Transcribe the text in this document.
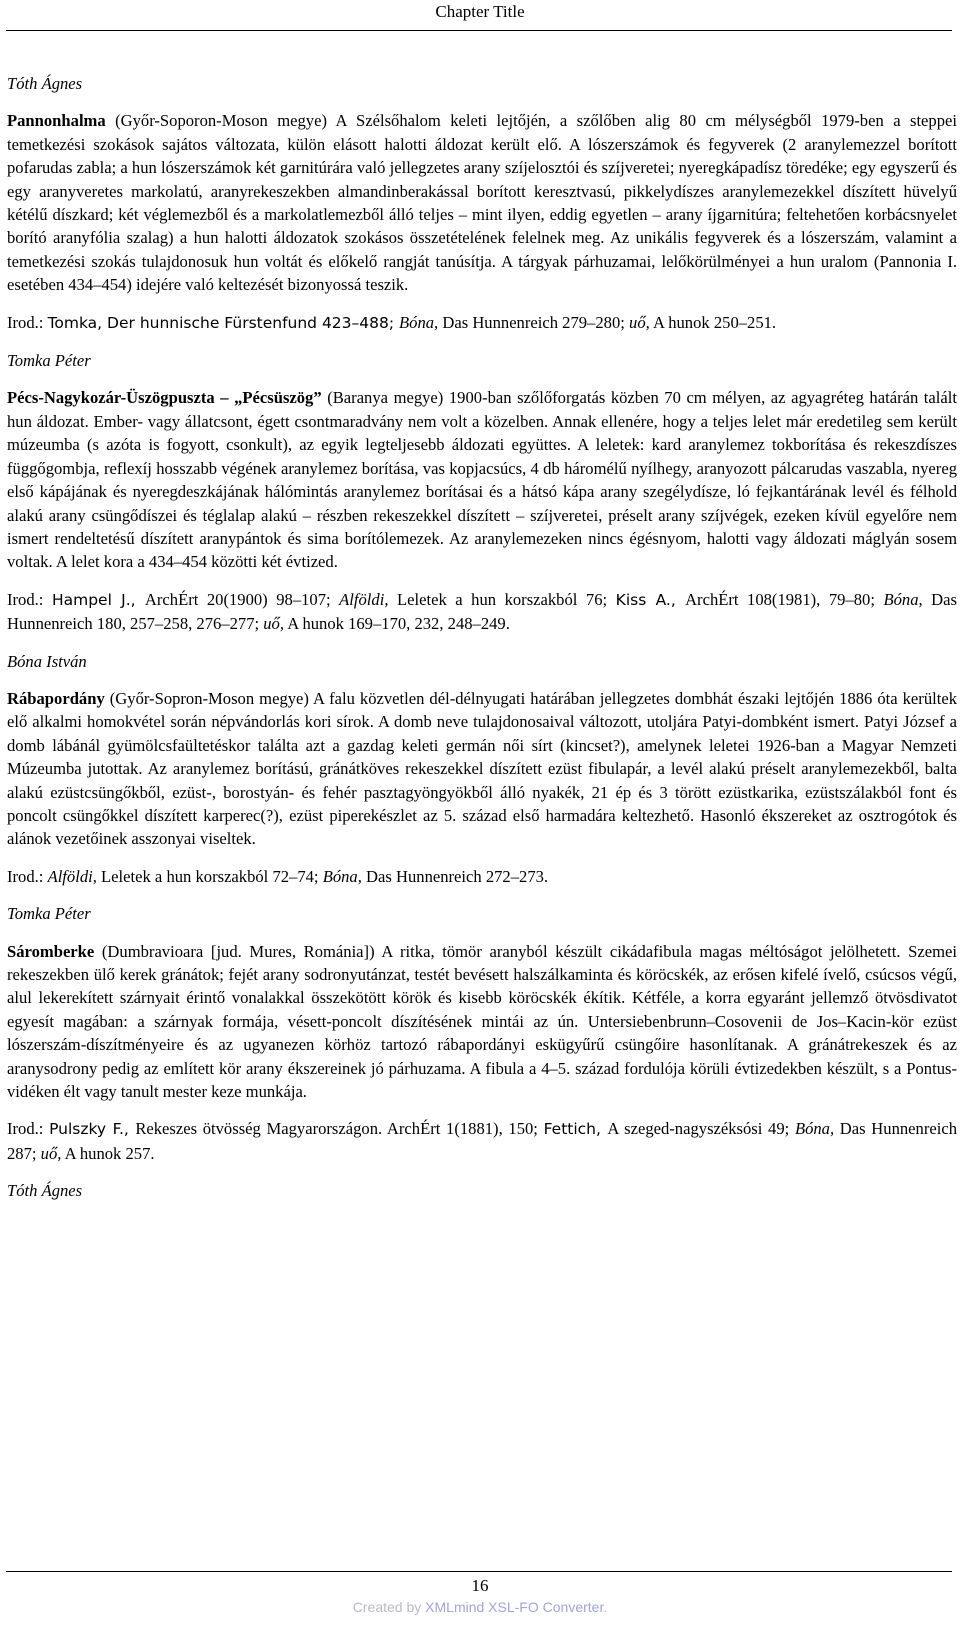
Chapter Title

Tóth Ágnes

Pannonhalma (Győr-Soporon-Moson megye) A Szélsőhalom keleti lejtőjén, a szőlőben alig 80 cm mélységből 1979-ben a steppei temetkezési szokások sajátos változata, külön elásott halotti áldozat került elő. A lószerszámok és fegyverek (2 aranylemezzel borított pofarudas zabla; a hun lószerszámok két garnitúrára való jellegzetes arany szíjelosztói és szíjveretei; nyeregkápadísz töredéke; egy egyszerű és egy aranyveretes markolatú, aranyrekeszekben almandinberakással borított keresztvasú, pikkelydíszes aranylemezekkel díszített hüvelyű kétélű díszkard; két véglemezből és a markolatlemezből álló teljes – mint ilyen, eddig egyetlen – arany íjgarnitúra; feltehetően korbácsnyelet borító aranyfólia szalag) a hun halotti áldozatok szokásos összetételének felelnek meg. Az unikális fegyverek és a lószerszám, valamint a temetkezési szokás tulajdonosuk hun voltát és előkelő rangját tanúsítja. A tárgyak párhuzamai, lelőkörülményei a hun uralom (Pannonia I. esetében 434–454) idejére való keltezését bizonyossá teszik.

Irod.: Tomka, Der hunnische Fürstenfund 423–488; Bóna, Das Hunnenreich 279–280; uő, A hunok 250–251.

Tomka Péter

Pécs-Nagykozár-Üszögpuszta – „Pécsüszög” (Baranya megye) 1900-ban szőlőforgatás közben 70 cm mélyen, az agyagréteg határán talált hun áldozat. Ember- vagy állatcsont, égett csontmaradvány nem volt a közelben. Annak ellenére, hogy a teljes lelet már eredetileg sem került múzeumba (s azóta is fogyott, csonkult), az egyik legteljesebb áldozati együttes. A leletek: kard aranylemez tokborítása és rekeszdíszes függőgombja, reflexíj hosszabb végének aranylemez borítása, vas kopjacsúcs, 4 db háromélű nyílhegy, aranyozott pálcarudas vaszabla, nyereg első kápájának és nyeregdeszkájának hálómintás aranylemez borításai és a hátsó kápa arany szegélydísze, ló fejkantárának levél és félhold alakú arany csüngődíszei és téglalap alakú – részben rekeszekkel díszített – szíjveretei, préselt arany szíjvégek, ezeken kívül egyelőre nem ismert rendeltetésű díszített aranypántok és sima borítólemezek. Az aranylemezeken nincs égésnyom, halotti vagy áldozati máglyán sosem voltak. A lelet kora a 434–454 közötti két évtized.

Irod.: Hampel J., ArchÉrt 20(1900) 98–107; Alföldi, Leletek a hun korszakból 76; Kiss A., ArchÉrt 108(1981), 79–80; Bóna, Das Hunnenreich 180, 257–258, 276–277; uő, A hunok 169–170, 232, 248–249.

Bóna István

Rábapordány (Győr-Sopron-Moson megye) A falu közvetlen dél-délnyugati határában jellegzetes dombhát északi lejtőjén 1886 óta kerültek elő alkalmi homokvétel során népvándorlás kori sírok. A domb neve tulajdonosaival változott, utoljára Patyi-dombként ismert. Patyi József a domb lábánál gyümölcsfaültetéskor találta azt a gazdag keleti germán női sírt (kincset?), amelynek leletei 1926-ban a Magyar Nemzeti Múzeumba jutottak. Az aranylemez borítású, gránátköves rekeszekkel díszített ezüst fibulapár, a levél alakú préselt aranylemezekből, balta alakú ezüstcsüngőkből, ezüst-, borostyán- és fehér pasztagyöngyökből álló nyakék, 21 ép és 3 törött ezüstkarika, ezüstszálakból font és poncolt csüngőkkel díszített karperec(?), ezüst piperekészlet az 5. század első harmadára keltezhető. Hasonló ékszereket az osztrogótok és alánok vezetőinek asszonyai viseltek.

Irod.: Alföldi, Leletek a hun korszakból 72–74; Bóna, Das Hunnenreich 272–273.

Tomka Péter

Sáromberke (Dumbravioara [jud. Mures, Románia]) A ritka, tömör aranyból készült cikádafibula magas méltóságot jelölhetett. Szemei rekeszekben ülő kerek gránátok; fejét arany sodronyutánzat, testét bevésett halszálkaminta és köröcskék, az erősen kifelé ívelő, csúcsos végű, alul lekerekített szárnyait érintő vonalakkal összekötött körök és kisebb köröcskék ékítik. Kétféle, a korra egyaránt jellemző ötvösdivatot egyesít magában: a szárnyak formája, vésett-poncolt díszítésének mintái az ún. Untersiebenbrunn–Cosovenii de Jos–Kacin-kör ezüst lószerszám-díszítményeire és az ugyanezen körhöz tartozó rábapordányi eskügyűrű csüngőire hasonlítanak. A gránátrekeszek és az aranysodrony pedig az említett kör arany ékszereinek jó párhuzama. A fibula a 4–5. század fordulója körüli évtizedekben készült, s a Pontus-vidéken élt vagy tanult mester keze munkája.

Irod.: Pulszky F., Rekeszes ötvösség Magyarországon. ArchÉrt 1(1881), 150; Fettich, A szeged-nagyszéksósi 49; Bóna, Das Hunnenreich 287; uő, A hunok 257.

Tóth Ágnes

16
Created by XMLmind XSL-FO Converter.
